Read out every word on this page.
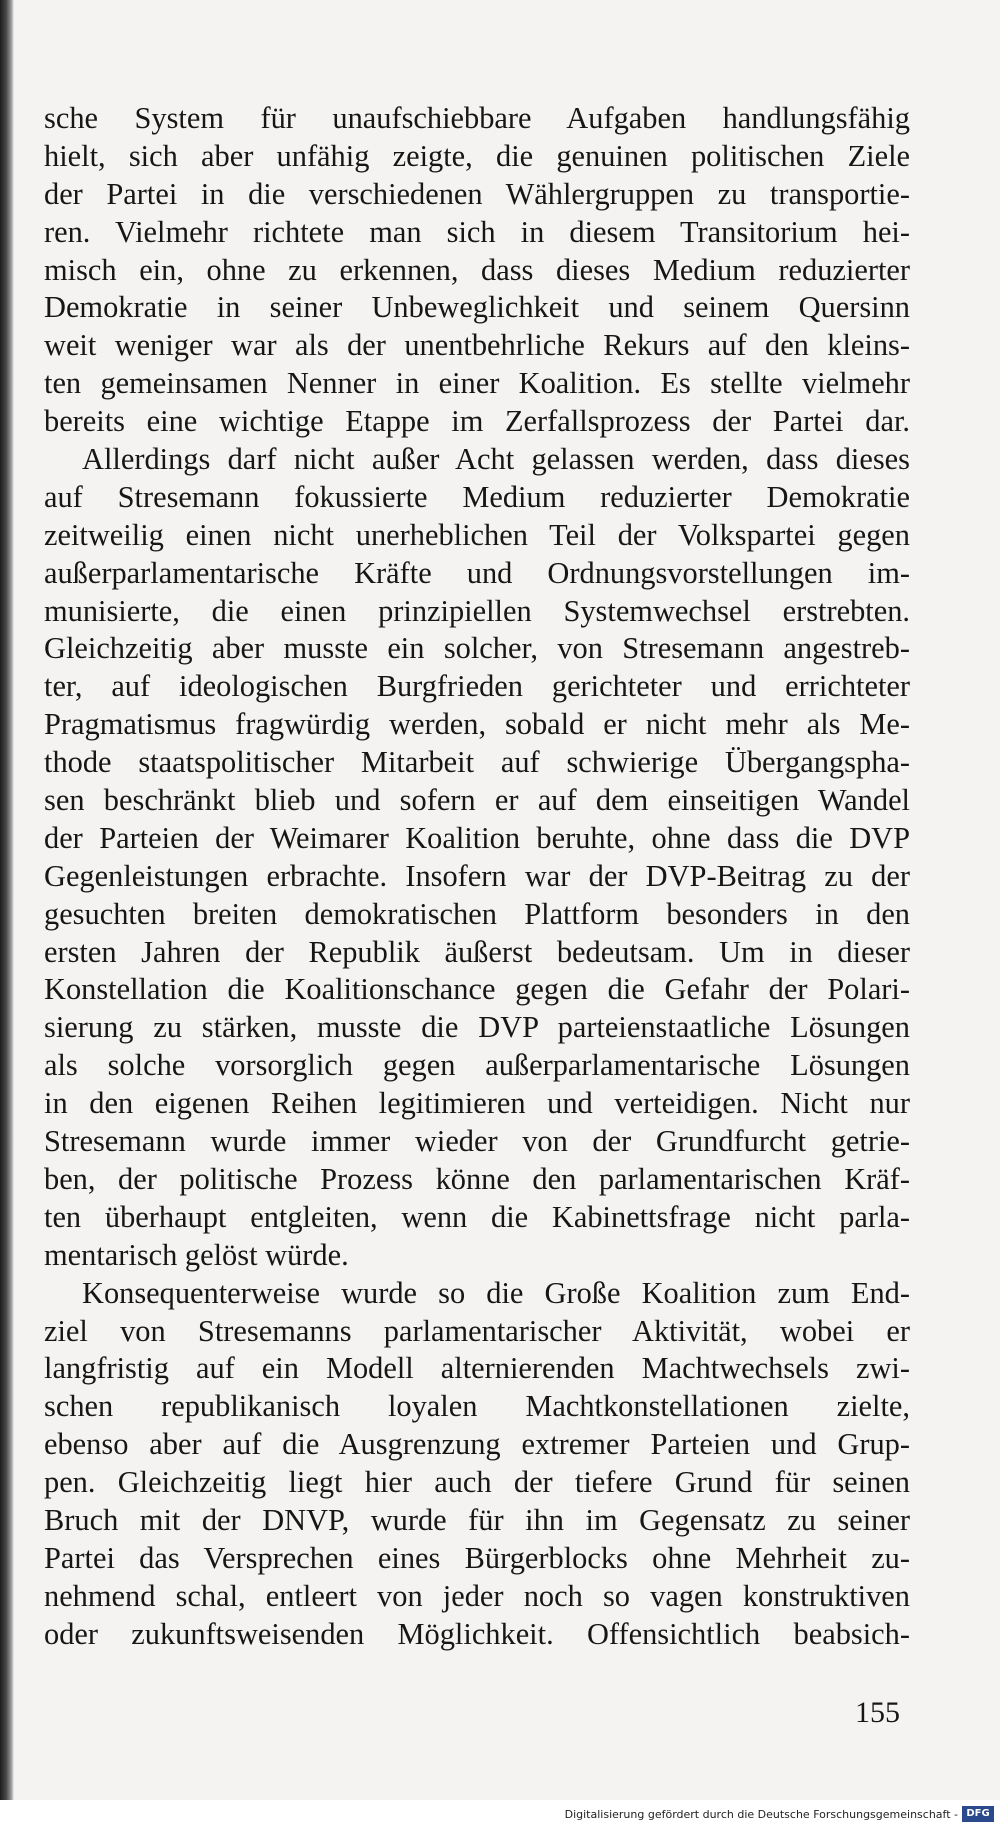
sche System für unaufschiebbare Aufgaben handlungsfähig
hielt, sich aber unfähig zeigte, die genuinen politischen Ziele
der Partei in die verschiedenen Wählergruppen zu transportie-
ren. Vielmehr richtete man sich in diesem Transitorium hei-
misch ein, ohne zu erkennen, dass dieses Medium reduzierter
Demokratie in seiner Unbeweglichkeit und seinem Quersinn
weit weniger war als der unentbehrliche Rekurs auf den kleins-
ten gemeinsamen Nenner in einer Koalition. Es stellte vielmehr
bereits eine wichtige Etappe im Zerfallsprozess der Partei dar.
Allerdings darf nicht außer Acht gelassen werden, dass dieses
auf Stresemann fokussierte Medium reduzierter Demokratie
zeitweilig einen nicht unerheblichen Teil der Volkspartei gegen
außerparlamentarische Kräfte und Ordnungsvorstellungen im-
munisierte, die einen prinzipiellen Systemwechsel erstrebten.
Gleichzeitig aber musste ein solcher, von Stresemann angestreb-
ter, auf ideologischen Burgfrieden gerichteter und errichteter
Pragmatismus fragwürdig werden, sobald er nicht mehr als Me-
thode staatspolitischer Mitarbeit auf schwierige Übergangspha-
sen beschränkt blieb und sofern er auf dem einseitigen Wandel
der Parteien der Weimarer Koalition beruhte, ohne dass die DVP
Gegenleistungen erbrachte. Insofern war der DVP-Beitrag zu der
gesuchten breiten demokratischen Plattform besonders in den
ersten Jahren der Republik äußerst bedeutsam. Um in dieser
Konstellation die Koalitionschance gegen die Gefahr der Polari-
sierung zu stärken, musste die DVP parteienstaatliche Lösungen
als solche vorsorglich gegen außerparlamentarische Lösungen
in den eigenen Reihen legitimieren und verteidigen. Nicht nur
Stresemann wurde immer wieder von der Grundfurcht getrie-
ben, der politische Prozess könne den parlamentarischen Kräf-
ten überhaupt entgleiten, wenn die Kabinettsfrage nicht parla-
mentarisch gelöst würde.
Konsequenterweise wurde so die Große Koalition zum End-
ziel von Stresemanns parlamentarischer Aktivität, wobei er
langfristig auf ein Modell alternierenden Machtwechsels zwi-
schen republikanisch loyalen Machtkonstellationen zielte,
ebenso aber auf die Ausgrenzung extremer Parteien und Grup-
pen. Gleichzeitig liegt hier auch der tiefere Grund für seinen
Bruch mit der DNVP, wurde für ihn im Gegensatz zu seiner
Partei das Versprechen eines Bürgerblocks ohne Mehrheit zu-
nehmend schal, entleert von jeder noch so vagen konstruktiven
oder zukunftsweisenden Möglichkeit. Offensichtlich beabsich-
155
Digitalisierung gefördert durch die Deutsche Forschungsgemeinschaft - DFG
